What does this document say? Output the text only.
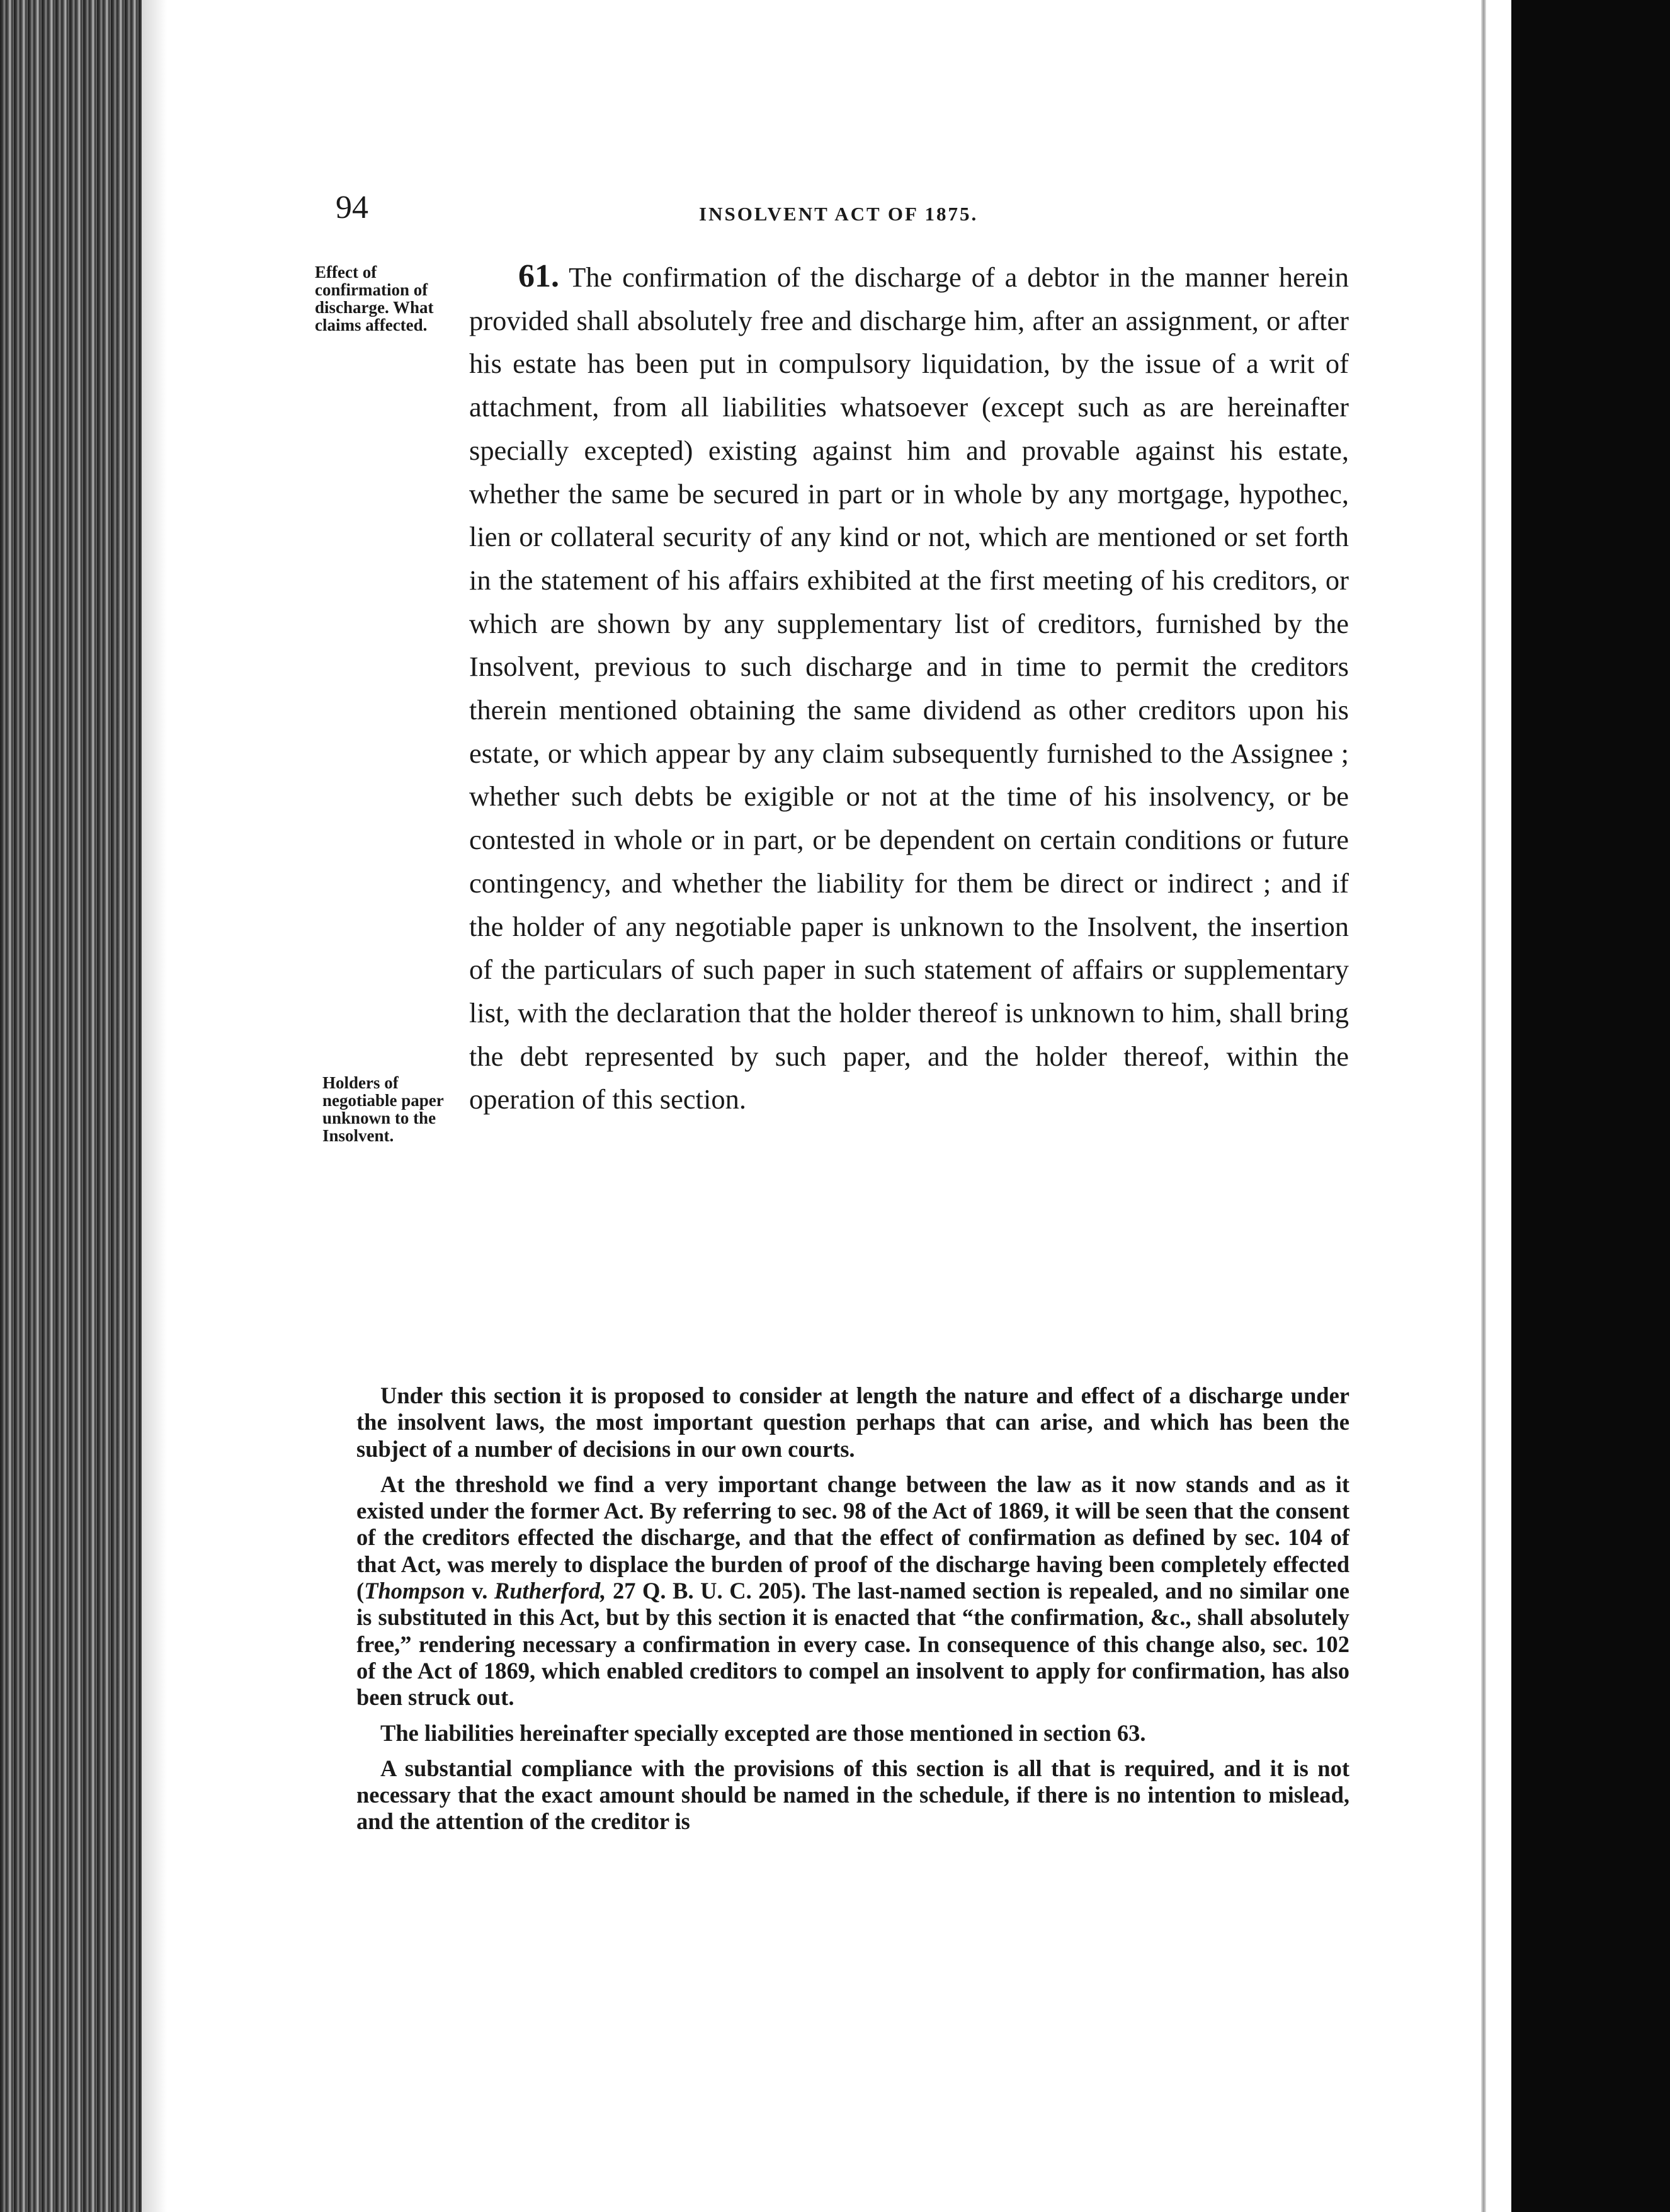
94	INSOLVENT ACT OF 1875.
Effect of confirmation of discharge. What claims affected.
Holders of negotiable paper unknown to the Insolvent.
61. The confirmation of the discharge of a debtor in the manner herein provided shall absolutely free and discharge him, after an assignment, or after his estate has been put in compulsory liquidation, by the issue of a writ of attachment, from all liabilities whatsoever (except such as are hereinafter specially excepted) existing against him and provable against his estate, whether the same be secured in part or in whole by any mortgage, hypothec, lien or collateral security of any kind or not, which are mentioned or set forth in the statement of his affairs exhibited at the first meeting of his creditors, or which are shown by any supplementary list of creditors, furnished by the Insolvent, previous to such discharge and in time to permit the creditors therein mentioned obtaining the same dividend as other creditors upon his estate, or which appear by any claim subsequently furnished to the Assignee ; whether such debts be exigible or not at the time of his insolvency, or be contested in whole or in part, or be dependent on certain conditions or future contingency, and whether the liability for them be direct or indirect ; and if the holder of any negotiable paper is unknown to the Insolvent, the insertion of the particulars of such paper in such statement of affairs or supplementary list, with the declaration that the holder thereof is unknown to him, shall bring the debt represented by such paper, and the holder thereof, within the operation of this section.

Under this section it is proposed to consider at length the nature and effect of a discharge under the insolvent laws, the most important question perhaps that can arise, and which has been the subject of a number of decisions in our own courts.

At the threshold we find a very important change between the law as it now stands and as it existed under the former Act. By referring to sec. 98 of the Act of 1869, it will be seen that the consent of the creditors effected the discharge, and that the effect of confirmation as defined by sec. 104 of that Act, was merely to displace the burden of proof of the discharge having been completely effected (Thompson v. Rutherford, 27 Q. B. U. C. 205). The last-named section is repealed, and no similar one is substituted in this Act, but by this section it is enacted that “the confirmation, &c., shall absolutely free,” rendering necessary a confirmation in every case. In consequence of this change also, sec. 102 of the Act of 1869, which enabled creditors to compel an insolvent to apply for confirmation, has also been struck out.

The liabilities hereinafter specially excepted are those mentioned in section 63.

A substantial compliance with the provisions of this section is all that is required, and it is not necessary that the exact amount should be named in the schedule, if there is no intention to mislead, and the attention of the creditor is
